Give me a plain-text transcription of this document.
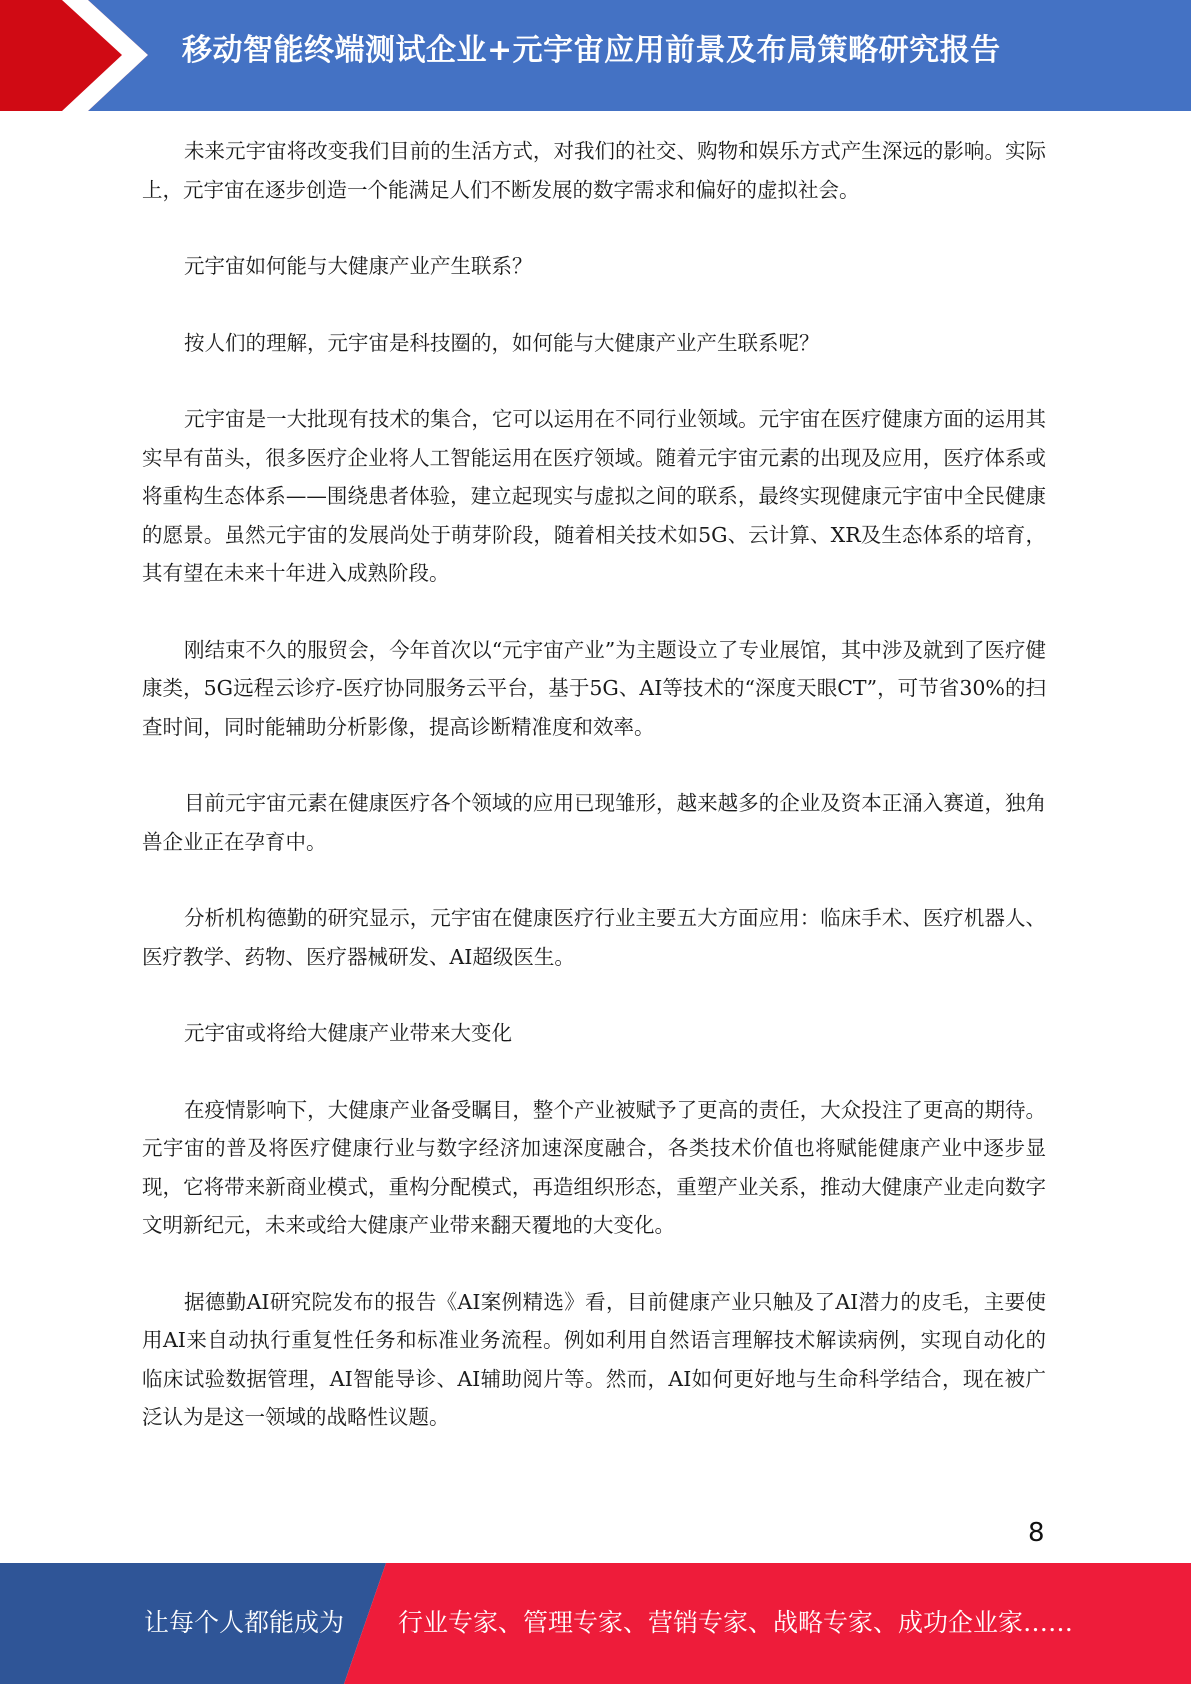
移动智能终端测试企业+元宇宙应用前景及布局策略研究报告

未来元宇宙将改变我们目前的生活方式，对我们的社交、购物和娱乐方式产生深远的影响。实际上，元宇宙在逐步创造一个能满足人们不断发展的数字需求和偏好的虚拟社会。

元宇宙如何能与大健康产业产生联系？

按人们的理解，元宇宙是科技圈的，如何能与大健康产业产生联系呢？

元宇宙是一大批现有技术的集合，它可以运用在不同行业领域。元宇宙在医疗健康方面的运用其实早有苗头，很多医疗企业将人工智能运用在医疗领域。随着元宇宙元素的出现及应用，医疗体系或将重构生态体系——围绕患者体验，建立起现实与虚拟之间的联系，最终实现健康元宇宙中全民健康的愿景。虽然元宇宙的发展尚处于萌芽阶段，随着相关技术如5G、云计算、XR及生态体系的培育，其有望在未来十年进入成熟阶段。

刚结束不久的服贸会，今年首次以“元宇宙产业”为主题设立了专业展馆，其中涉及就到了医疗健康类，5G远程云诊疗-医疗协同服务云平台，基于5G、AI等技术的“深度天眼CT”，可节省30%的扫查时间，同时能辅助分析影像，提高诊断精准度和效率。

目前元宇宙元素在健康医疗各个领域的应用已现雏形，越来越多的企业及资本正涌入赛道，独角兽企业正在孕育中。

分析机构德勤的研究显示，元宇宙在健康医疗行业主要五大方面应用：临床手术、医疗机器人、医疗教学、药物、医疗器械研发、AI超级医生。

元宇宙或将给大健康产业带来大变化

在疫情影响下，大健康产业备受瞩目，整个产业被赋予了更高的责任，大众投注了更高的期待。元宇宙的普及将医疗健康行业与数字经济加速深度融合，各类技术价值也将赋能健康产业中逐步显现，它将带来新商业模式，重构分配模式，再造组织形态，重塑产业关系，推动大健康产业走向数字文明新纪元，未来或给大健康产业带来翻天覆地的大变化。

据德勤AI研究院发布的报告《AI案例精选》看，目前健康产业只触及了AI潜力的皮毛，主要使用AI来自动执行重复性任务和标准业务流程。例如利用自然语言理解技术解读病例，实现自动化的临床试验数据管理，AI智能导诊、AI辅助阅片等。然而，AI如何更好地与生命科学结合，现在被广泛认为是这一领域的战略性议题。

8
让每个人都能成为 行业专家、管理专家、营销专家、战略专家、成功企业家……
